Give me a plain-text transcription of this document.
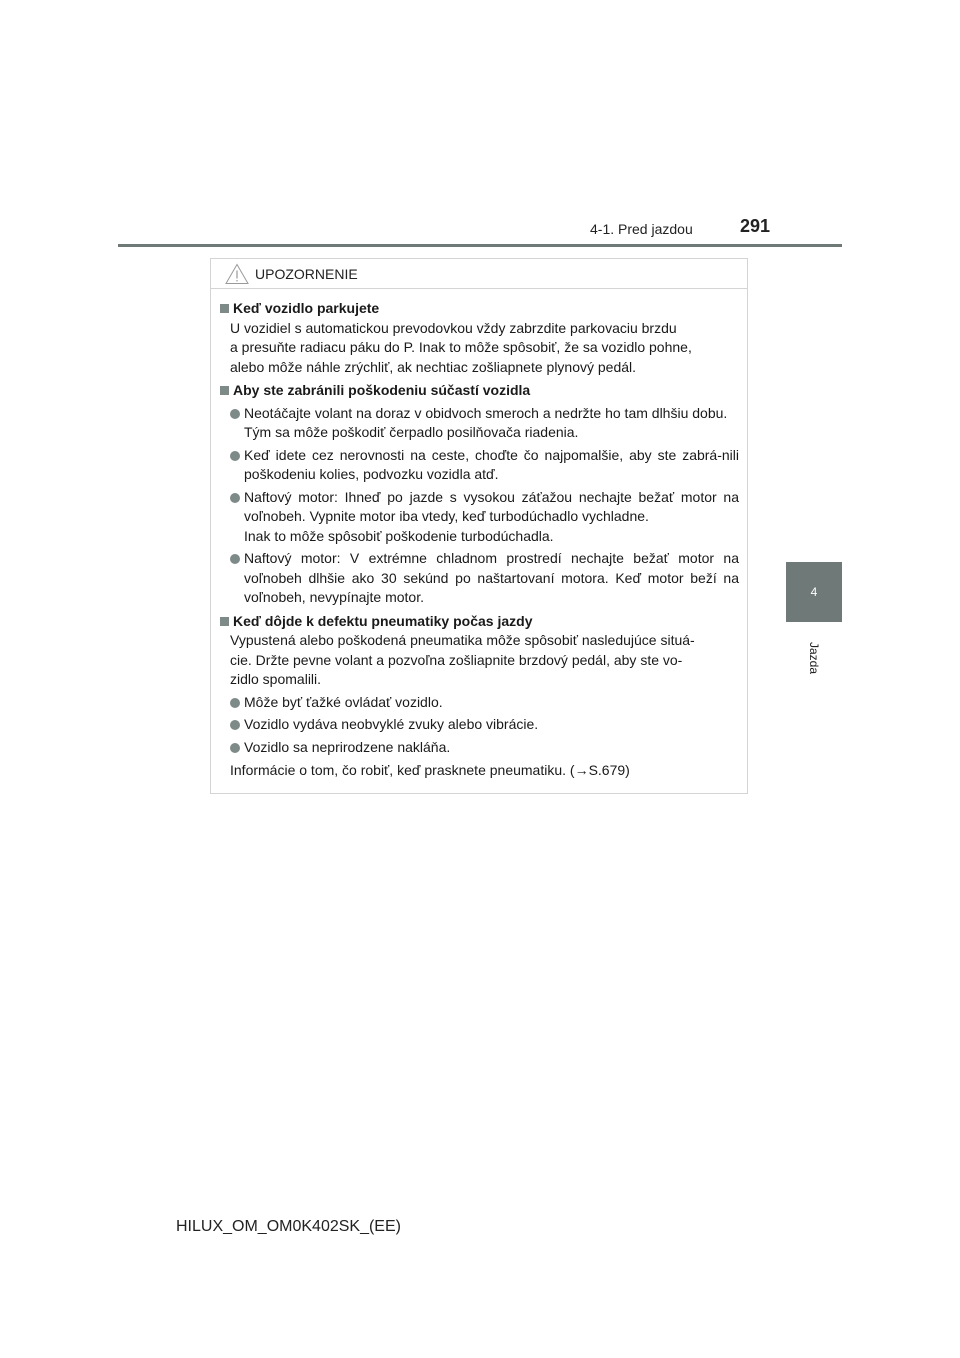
4-1. Pred jazdou	291
4
Jazda
UPOZORNENIE
Keď vozidlo parkujete
U vozidiel s automatickou prevodovkou vždy zabrzdite parkovaciu brzdu
a presuňte radiacu páku do P. Inak to môže spôsobiť, že sa vozidlo pohne,
alebo môže náhle zrýchliť, ak nechtiac zošliapnete plynový pedál.
Aby ste zabránili poškodeniu súčastí vozidla
Neotáčajte volant na doraz v obidvoch smeroch a nedržte ho tam dlhšiu dobu.
Tým sa môže poškodiť čerpadlo posilňovača riadenia.
Keď idete cez nerovnosti na ceste, choďte čo najpomalšie, aby ste zabrá-nili poškodeniu kolies, podvozku vozidla atď.
Naftový motor: Ihneď po jazde s vysokou záťažou nechajte bežať motor na voľnobeh. Vypnite motor iba vtedy, keď turbodúchadlo vychladne.
Inak to môže spôsobiť poškodenie turbodúchadla.
Naftový motor: V extrémne chladnom prostredí nechajte bežať motor na voľnobeh dlhšie ako 30 sekúnd po naštartovaní motora. Keď motor beží na voľnobeh, nevypínajte motor.
Keď dôjde k defektu pneumatiky počas jazdy
Vypustená alebo poškodená pneumatika môže spôsobiť nasledujúce situá-
cie. Držte pevne volant a pozvoľna zošliapnite brzdový pedál, aby ste vo-
zidlo spomalili.
Môže byť ťažké ovládať vozidlo.
Vozidlo vydáva neobvyklé zvuky alebo vibrácie.
Vozidlo sa neprirodzene nakláňa.
Informácie o tom, čo robiť, keď prasknete pneumatiku. (→S.679)
HILUX_OM_OM0K402SK_(EE)
